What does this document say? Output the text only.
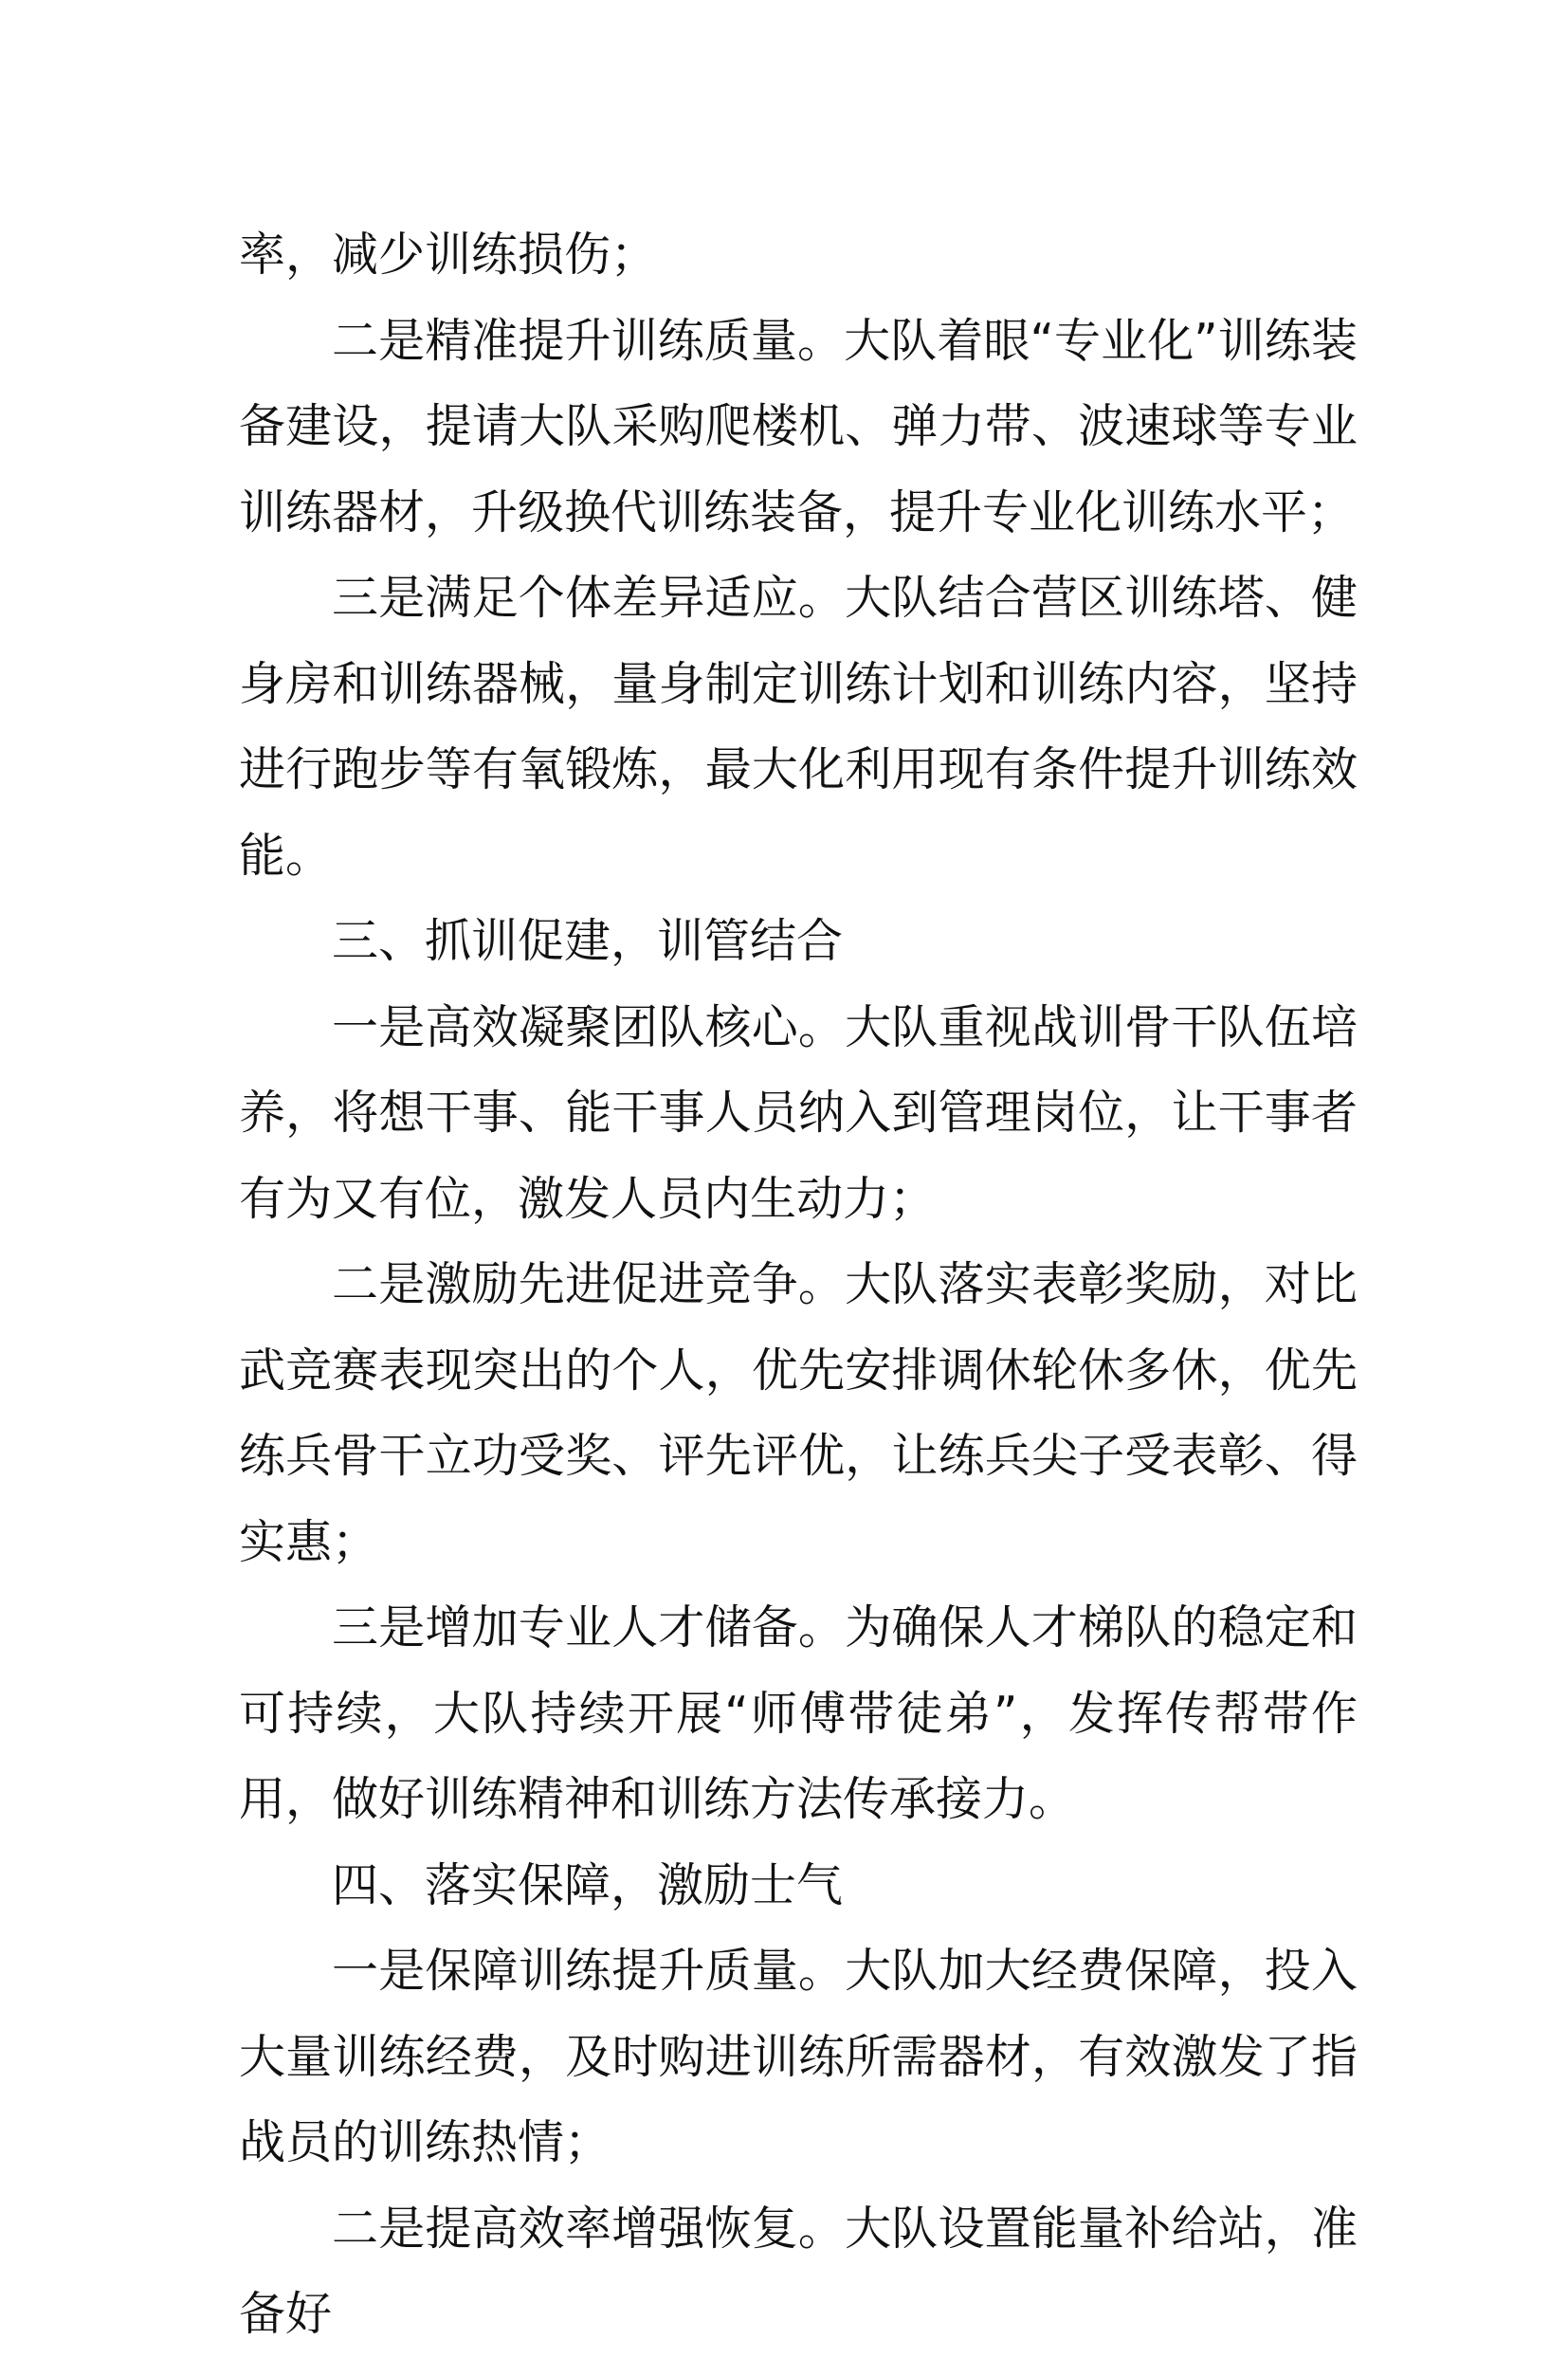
率，减少训练损伤；

二是精准提升训练质量。大队着眼“专业化”训练装备建设，提请大队采购爬楼机、弹力带、波速球等专业训练器材，升级换代训练装备，提升专业化训练水平；

三是满足个体差异适应。大队结合营区训练塔、健身房和训练器械，量身制定训练计划和训练内容，坚持进行跑步等有氧锻炼，最大化利用现有条件提升训练效能。

三、抓训促建，训管结合

一是高效凝聚团队核心。大队重视战训骨干队伍培养，将想干事、能干事人员纳入到管理岗位，让干事者有为又有位，激发人员内生动力；

二是激励先进促进竞争。大队落实表彰奖励，对比武竞赛表现突出的个人，优先安排调休轮休多休，优先练兵骨干立功受奖、评先评优，让练兵尖子受表彰、得实惠；

三是增加专业人才储备。为确保人才梯队的稳定和可持续，大队持续开展“师傅带徒弟”，发挥传帮带作用，做好训练精神和训练方法传承接力。

四、落实保障，激励士气

一是保障训练提升质量。大队加大经费保障，投入大量训练经费，及时购进训练所需器材，有效激发了指战员的训练热情；

二是提高效率增强恢复。大队设置能量补给站，准备好
